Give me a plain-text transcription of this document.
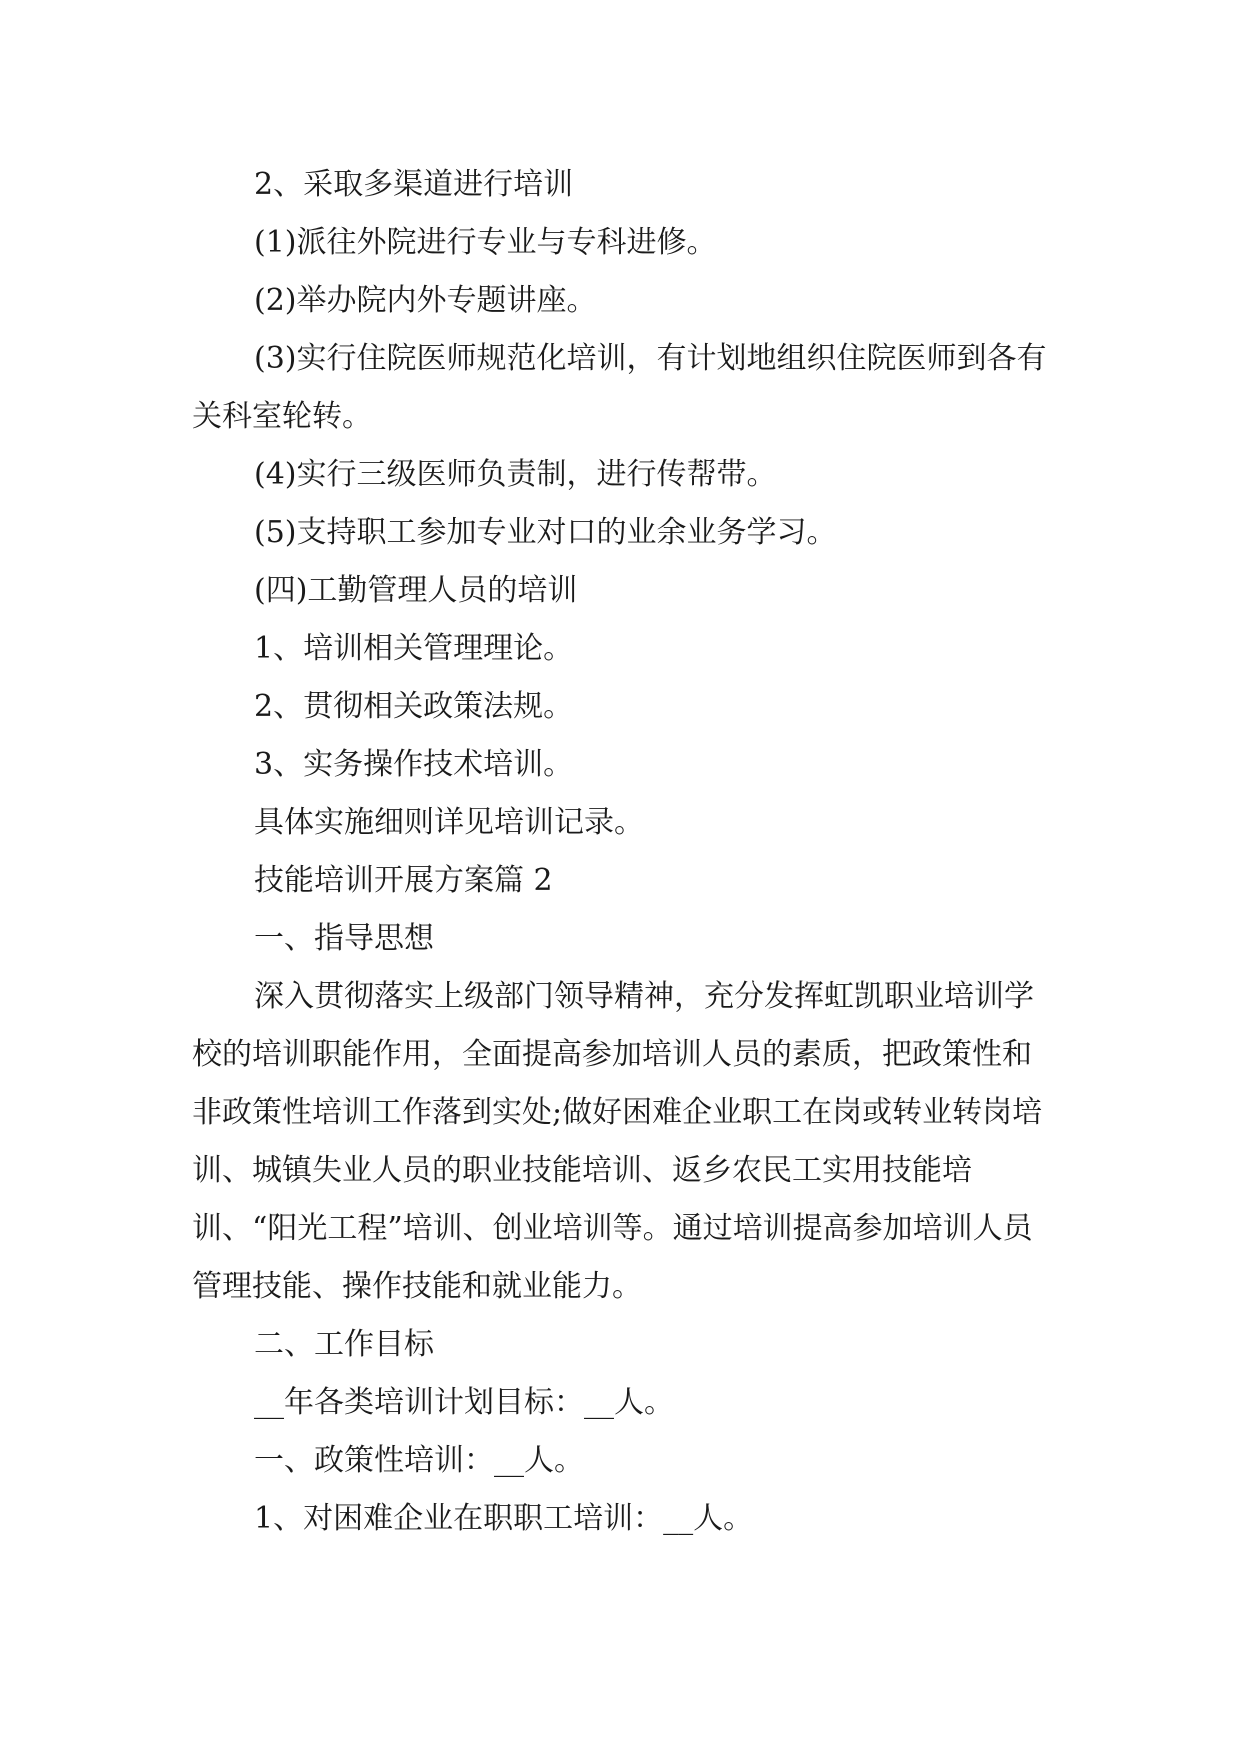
2、采取多渠道进行培训

(1)派往外院进行专业与专科进修。

(2)举办院内外专题讲座。

(3)实行住院医师规范化培训，有计划地组织住院医师到各有关科室轮转。

(4)实行三级医师负责制，进行传帮带。

(5)支持职工参加专业对口的业余业务学习。

(四)工勤管理人员的培训

1、培训相关管理理论。

2、贯彻相关政策法规。

3、实务操作技术培训。

具体实施细则详见培训记录。

技能培训开展方案篇 2

一、指导思想

深入贯彻落实上级部门领导精神，充分发挥虹凯职业培训学校的培训职能作用，全面提高参加培训人员的素质，把政策性和非政策性培训工作落到实处;做好困难企业职工在岗或转业转岗培训、城镇失业人员的职业技能培训、返乡农民工实用技能培训、“阳光工程”培训、创业培训等。通过培训提高参加培训人员管理技能、操作技能和就业能力。

二、工作目标

__年各类培训计划目标：__人。

一、政策性培训：__人。

1、对困难企业在职职工培训：__人。
